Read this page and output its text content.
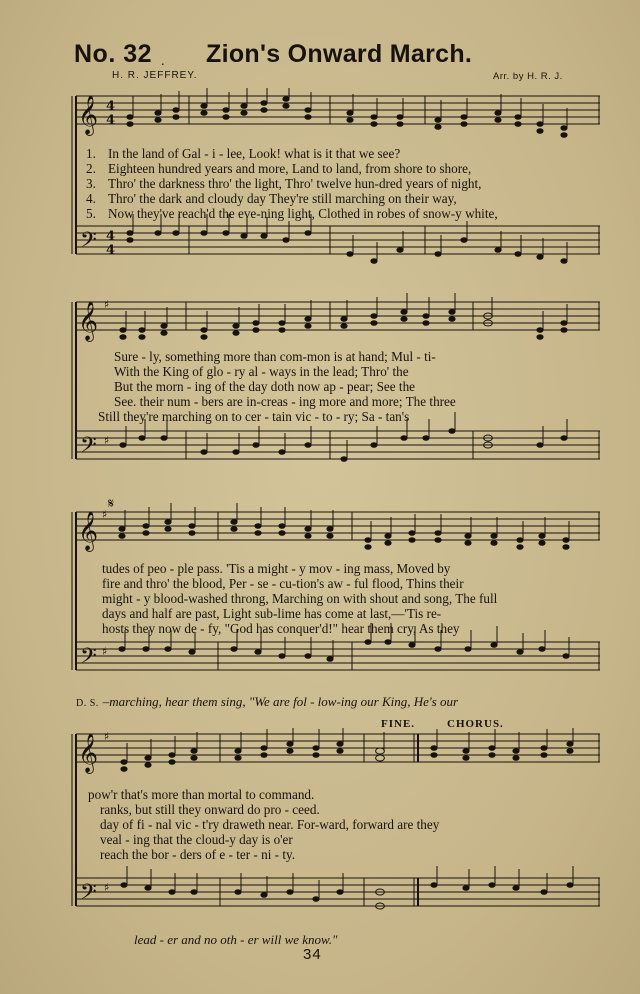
No. 32 . Zion's Onward March.
H. R. JEFFREY.	Arr. by H. R. J.
𝄞
𝄢
4
4
4
4
1. In the land of Gal - i - lee, Look! what is it that we see?
2. Eighteen hundred years and more, Land to land, from shore to shore,
3. Thro' the darkness thro' the light, Thro' twelve hun-dred years of night,
4. Thro' the dark and cloudy day They're still marching on their way,
5. Now they've reach'd the eve-ning light, Clothed in robes of snow-y white,
𝄞
𝄢
♯
♯
Sure - ly, something more than com-mon is at hand; Mul - ti-
With the King of glo - ry al - ways in the lead; Thro' the
But the morn - ing of the day doth now ap - pear; See the
See. their num - bers are in-creas - ing more and more; The three
Still they're marching on to cer - tain vic - to - ry; Sa - tan's
𝄋
𝄞
𝄢
♯
♯
tudes of peo - ple pass. 'Tis a might - y mov - ing mass, Moved by
fire and thro' the blood, Per - se - cu-tion's aw - ful flood, Thins their
might - y blood-washed throng, Marching on with shout and song, The full
days and half are past, Light sub-lime has come at last,—'Tis re-
hosts they now de - fy, "God has conquer'd!" hear them cry, As they
D. S. –marching, hear them sing, "We are fol - low-ing our King, He's our
FINE.	CHORUS.
𝄞
𝄢
♯
♯
pow'r that's more than mortal to command.
ranks, but still they onward do pro - ceed.
day of fi - nal vic - t'ry draweth near. For-ward, forward are they
veal - ing that the cloud-y day is o'er
reach the bor - ders of e - ter - ni - ty.
lead - er and no oth - er will we know."
34
